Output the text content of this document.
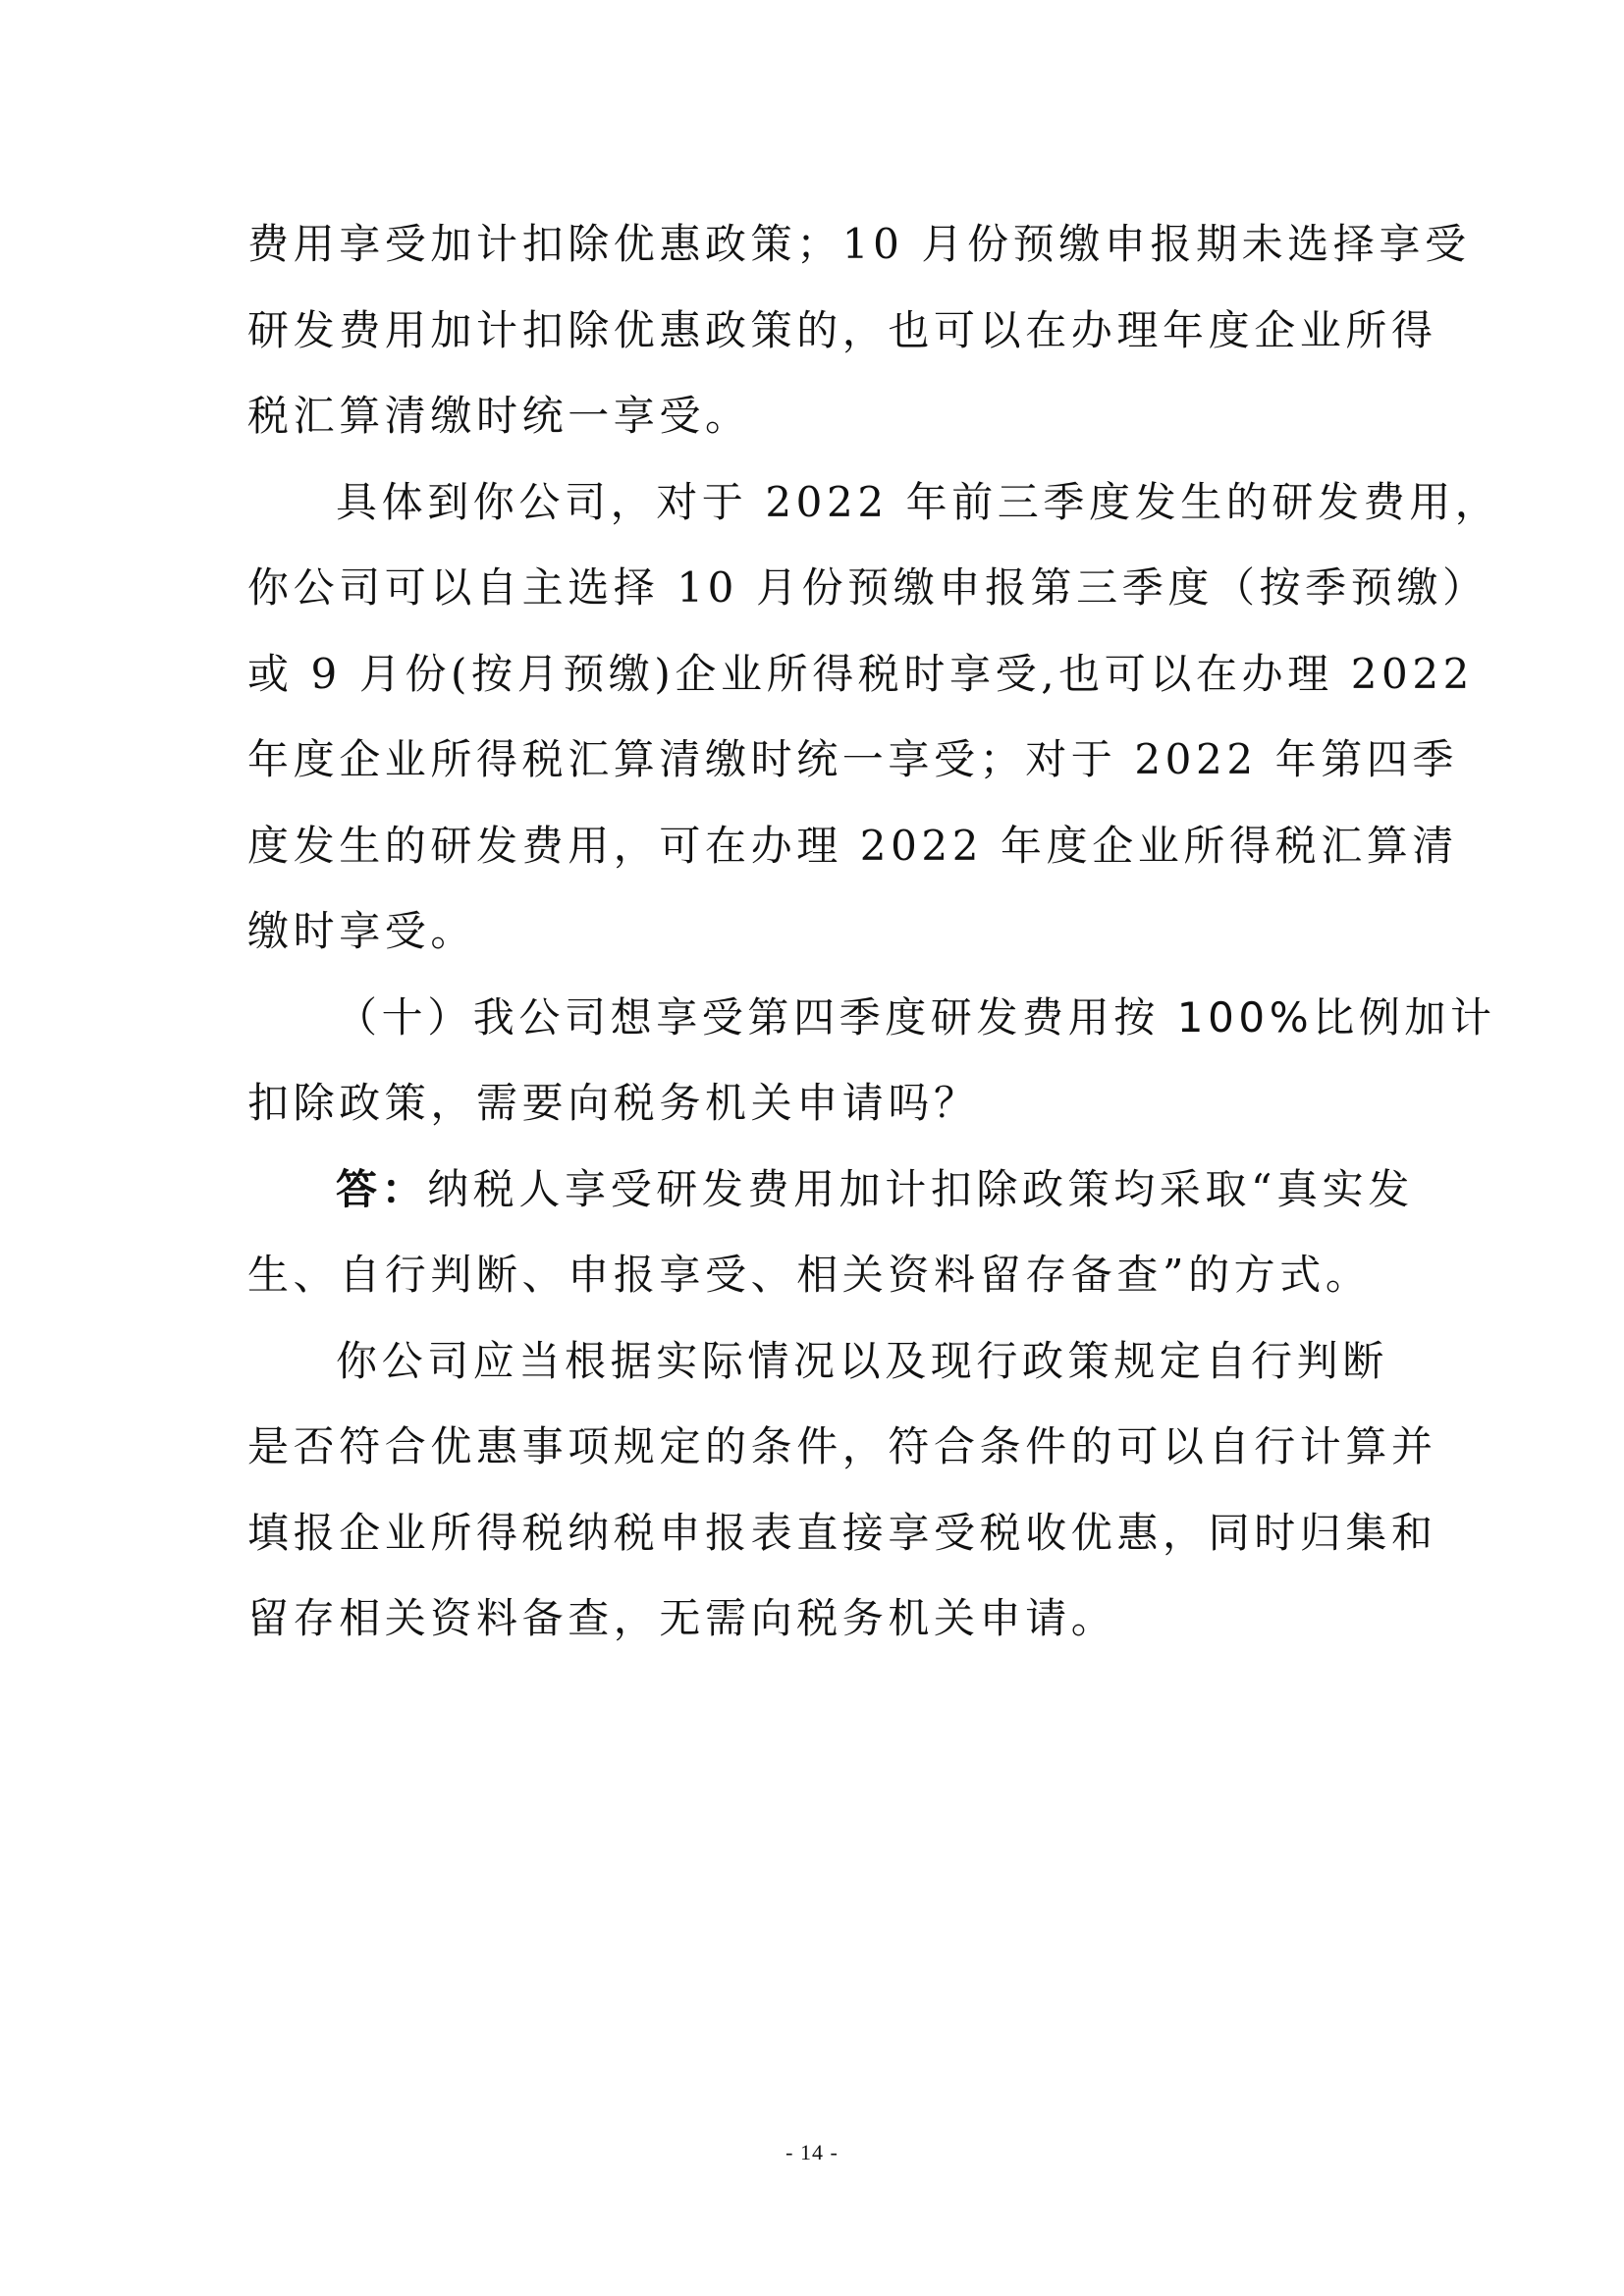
费用享受加计扣除优惠政策；10 月份预缴申报期未选择享受
研发费用加计扣除优惠政策的，也可以在办理年度企业所得
税汇算清缴时统一享受。
具体到你公司，对于 2022 年前三季度发生的研发费用，
你公司可以自主选择 10 月份预缴申报第三季度（按季预缴）
或 9 月份(按月预缴)企业所得税时享受,也可以在办理 2022
年度企业所得税汇算清缴时统一享受；对于 2022 年第四季
度发生的研发费用，可在办理 2022 年度企业所得税汇算清
缴时享受。
（十）我公司想享受第四季度研发费用按 100%比例加计
扣除政策，需要向税务机关申请吗？
答：纳税人享受研发费用加计扣除政策均采取“真实发
生、自行判断、申报享受、相关资料留存备查”的方式。
你公司应当根据实际情况以及现行政策规定自行判断
是否符合优惠事项规定的条件，符合条件的可以自行计算并
填报企业所得税纳税申报表直接享受税收优惠，同时归集和
留存相关资料备查，无需向税务机关申请。
- 14 -
